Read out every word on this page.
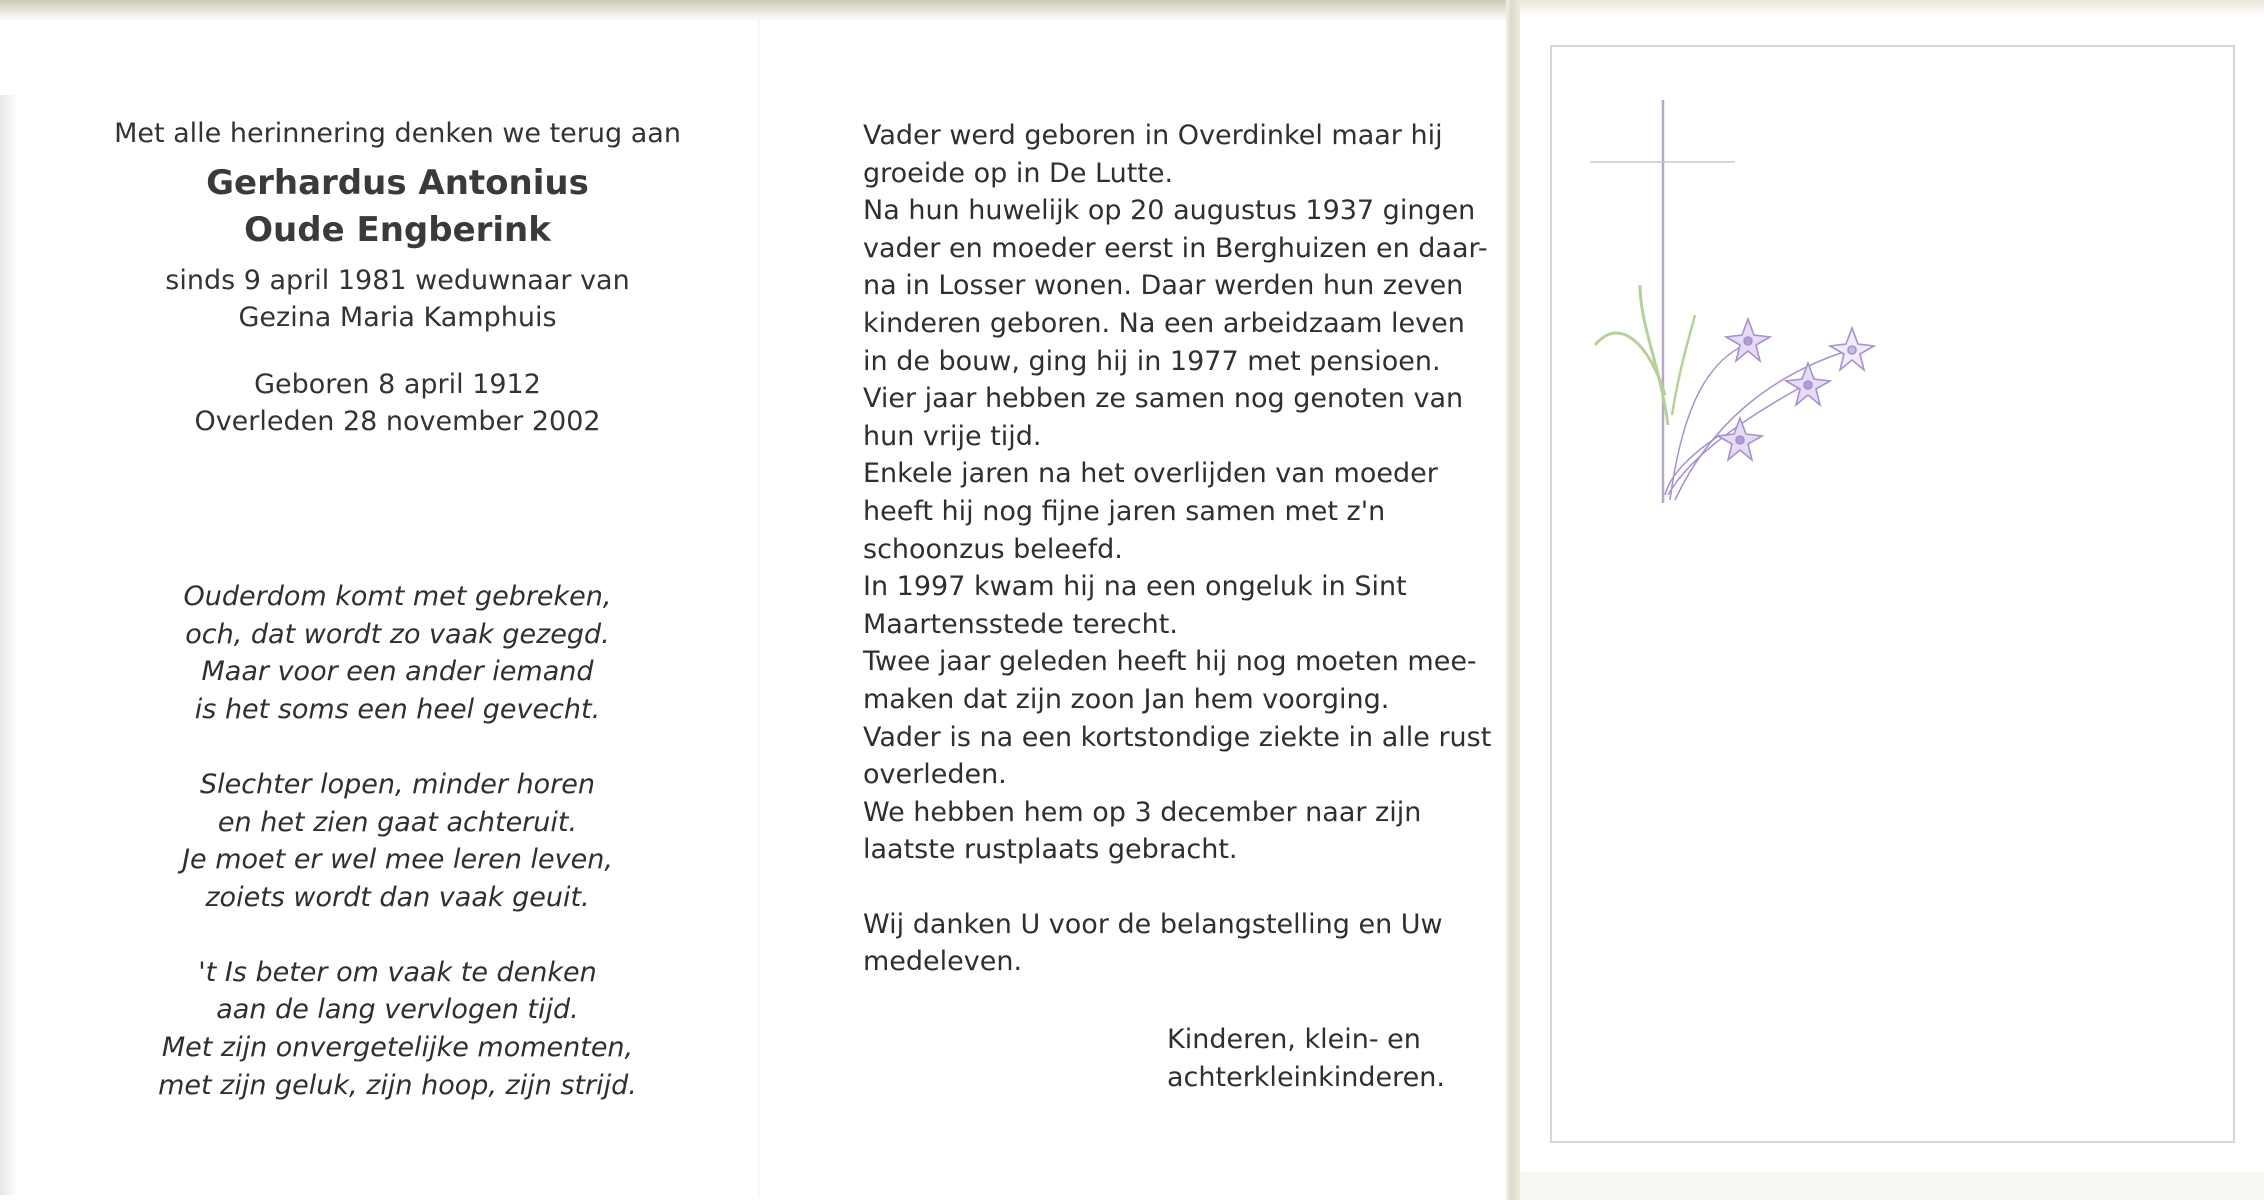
Met alle herinnering denken we terug aan
Gerhardus Antonius
Oude Engberink
sinds 9 april 1981 weduwnaar van
Gezina Maria Kamphuis
Geboren 8 april 1912
Overleden 28 november 2002
Ouderdom komt met gebreken,
och, dat wordt zo vaak gezegd.
Maar voor een ander iemand
is het soms een heel gevecht.
Slechter lopen, minder horen
en het zien gaat achteruit.
Je moet er wel mee leren leven,
zoiets wordt dan vaak geuit.
't Is beter om vaak te denken
aan de lang vervlogen tijd.
Met zijn onvergetelijke momenten,
met zijn geluk, zijn hoop, zijn strijd.
Vader werd geboren in Overdinkel maar hij
groeide op in De Lutte.
Na hun huwelijk op 20 augustus 1937 gingen
vader en moeder eerst in Berghuizen en daar-
na in Losser wonen. Daar werden hun zeven
kinderen geboren. Na een arbeidzaam leven
in de bouw, ging hij in 1977 met pensioen.
Vier jaar hebben ze samen nog genoten van
hun vrije tijd.
Enkele jaren na het overlijden van moeder
heeft hij nog fijne jaren samen met z'n
schoonzus beleefd.
In 1997 kwam hij na een ongeluk in Sint
Maartensstede terecht.
Twee jaar geleden heeft hij nog moeten mee-
maken dat zijn zoon Jan hem voorging.
Vader is na een kortstondige ziekte in alle rust
overleden.
We hebben hem op 3 december naar zijn
laatste rustplaats gebracht.
Wij danken U voor de belangstelling en Uw
medeleven.
Kinderen, klein- en
achterkleinkinderen.
